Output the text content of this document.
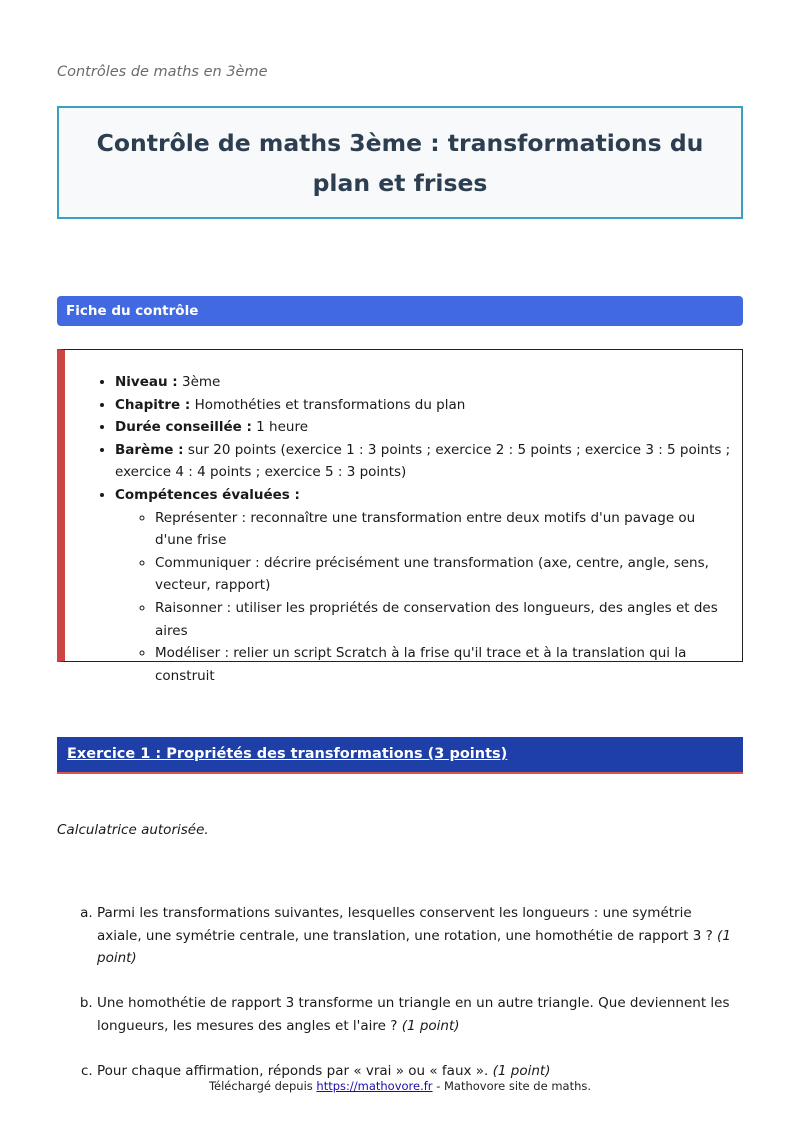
Contrôles de maths en 3ème
Contrôle de maths 3ème : transformations du plan et frises
Fiche du contrôle
• Niveau : 3ème
• Chapitre : Homothéties et transformations du plan
• Durée conseillée : 1 heure
• Barème : sur 20 points (exercice 1 : 3 points ; exercice 2 : 5 points ; exercice 3 : 5 points ; exercice 4 : 4 points ; exercice 5 : 3 points)
• Compétences évaluées :
◦ Représenter : reconnaître une transformation entre deux motifs d'un pavage ou d'une frise
◦ Communiquer : décrire précisément une transformation (axe, centre, angle, sens, vecteur, rapport)
◦ Raisonner : utiliser les propriétés de conservation des longueurs, des angles et des aires
◦ Modéliser : relier un script Scratch à la frise qu'il trace et à la translation qui la construit
Exercice 1 : Propriétés des transformations (3 points)
Calculatrice autorisée.
a. Parmi les transformations suivantes, lesquelles conservent les longueurs : une symétrie axiale, une symétrie centrale, une translation, une rotation, une homothétie de rapport 3 ? (1 point)
b. Une homothétie de rapport 3 transforme un triangle en un autre triangle. Que deviennent les longueurs, les mesures des angles et l'aire ? (1 point)
c. Pour chaque affirmation, réponds par « vrai » ou « faux ». (1 point)
Téléchargé depuis https://mathovore.fr - Mathovore site de maths.
